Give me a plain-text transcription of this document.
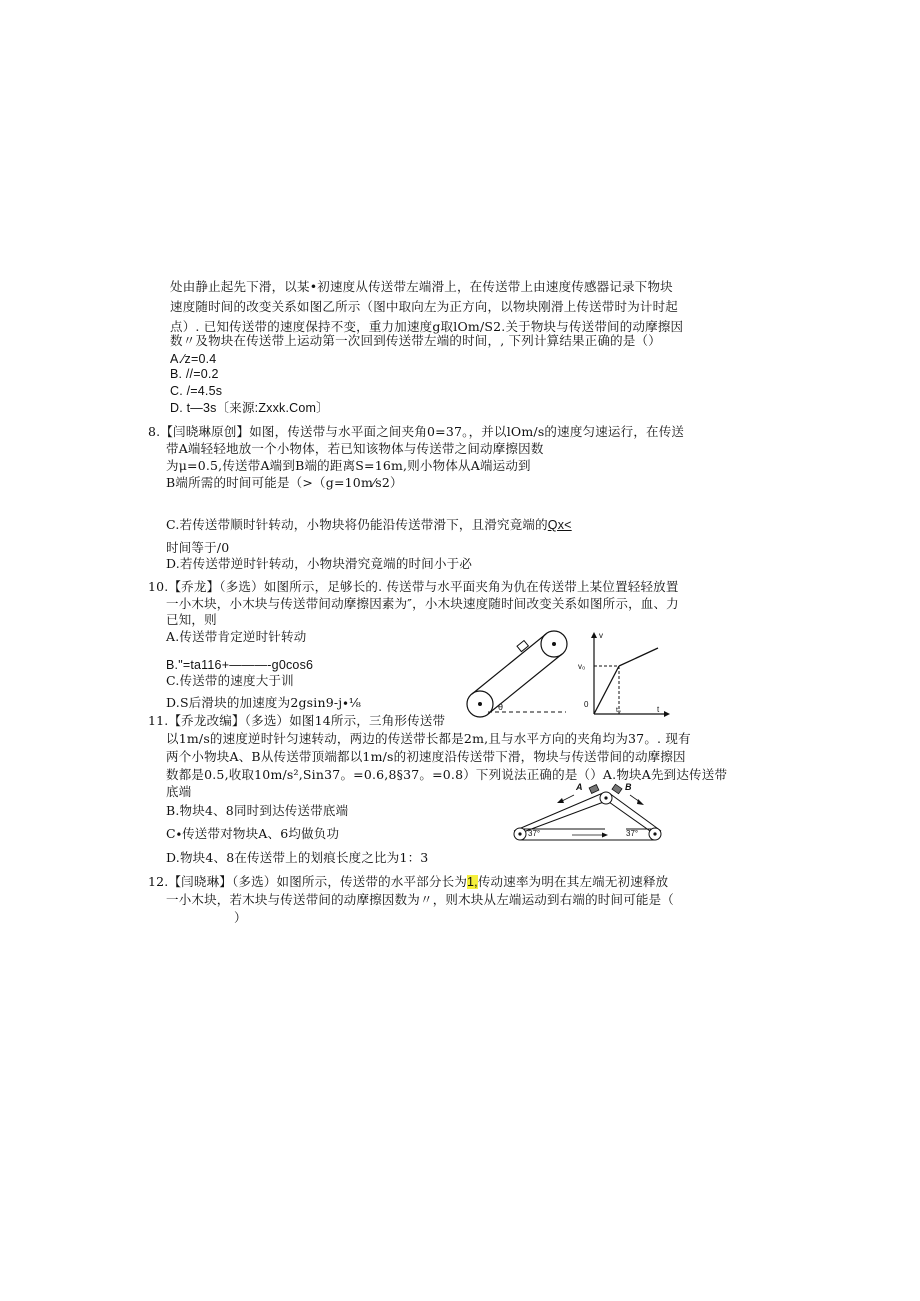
处由静止起先下滑，以某•初速度从传送带左端滑上，在传送带上由速度传感器记录下物块
速度随时间的改变关系如图乙所示（图中取向左为正方向，以物块刚滑上传送带时为计时起
点）. 已知传送带的速度保持不变，重力加速度g取lOm/S2.关于物块与传送带间的动摩擦因
数〃及物块在传送带上运动第一次回到传送带左端的时间，, 下列计算结果正确的是（）
A.⁄z=0.4
B. //=0.2
C. /=4.5s
D. t—3s〔来源:Zxxk.Com〕
8.【闫晓琳原创】如图，传送带与水平面之间夹角0=37。，并以lOm/s的速度匀速运行，在传送
带A端轻轻地放一个小物体，若已知该物体与传送带之间动摩擦因数
为μ=0.5,传送带A端到B端的距离S=16m,则小物体从A端运动到
B端所需的时间可能是（>（g=10m⁄s2）
C.若传送带顺时针转动，小物块将仍能沿传送带滑下，且滑究竟端的Qx<
时间等于/0
D.若传送带逆时针转动，小物块滑究竟端的时间小于必
10.【乔龙】（多选）如图所示，足够长的. 传送带与水平面夹角为仇在传送带上某位置轻轻放置
一小木块，小木块与传送带间动摩擦因素为″，小木块速度随时间改变关系如图所示，血、力
已知，则
A.传送带肯定逆时针转动
B."=ta116+———-g0cos6
C.传送带的速度大于训
D.S后滑块的加速度为2gsin9-j∙⅛	θ
v
v₀
0
t₀	t
11.【乔龙改编】（多选）如图14所示，三角形传送带
以1m/s的速度逆时针匀速转动，两边的传送带长都是2m,且与水平方向的夹角均为37。. 现有
两个小物块A、B从传送带顶端都以1m/s的初速度沿传送带下滑，物块与传送带间的动摩擦因
数都是0.5,收取10m/s²,Sin37。=0.6,8§37。=0.8）下列说法正确的是（）A.物块A先到达传送带
底端
B.物块4、8同时到达传送带底端
C∙传送带对物块A、6均做负功
D.物块4、8在传送带上的划痕长度之比为1：3
A	B
37°	37°
12.【闫晓琳】（多选）如图所示，传送带的水平部分长为1,传动速率为明在其左端无初速释放
一小木块，若木块与传送带间的动摩擦因数为〃，则木块从左端运动到右端的时间可能是（
）
